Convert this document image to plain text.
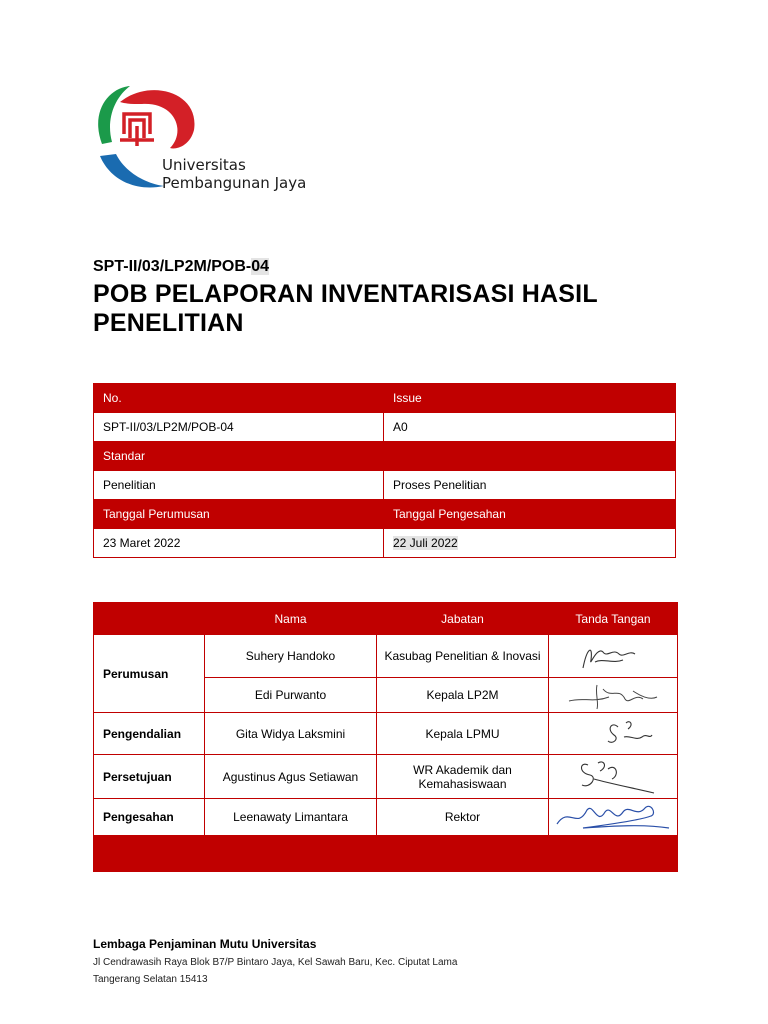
Universitas
Pembangunan Jaya
SPT-II/03/LP2M/POB-04
POB PELAPORAN INVENTARISASI HASIL PENELITIAN
No.	Issue
SPT-II/03/LP2M/POB-04	A0
Standar	
Penelitian	Proses Penelitian
Tanggal Perumusan	Tanggal Pengesahan
23 Maret 2022	22 Juli 2022
	Nama	Jabatan	Tanda Tangan
Perumusan	Suhery Handoko	Kasubag Penelitian & Inovasi	

	Edi Purwanto	Kepala LP2M	

Pengendalian	Gita Widya Laksmini	Kepala LPMU	

Persetujuan	Agustinus Agus Setiawan	WR Akademik dan Kemahasiswaan	

Pengesahan	Leenawaty Limantara	Rektor	

Lembaga Penjaminan Mutu Universitas
Jl Cendrawasih Raya Blok B7/P Bintaro Jaya, Kel Sawah Baru, Kec. Ciputat Lama
Tangerang Selatan 15413
